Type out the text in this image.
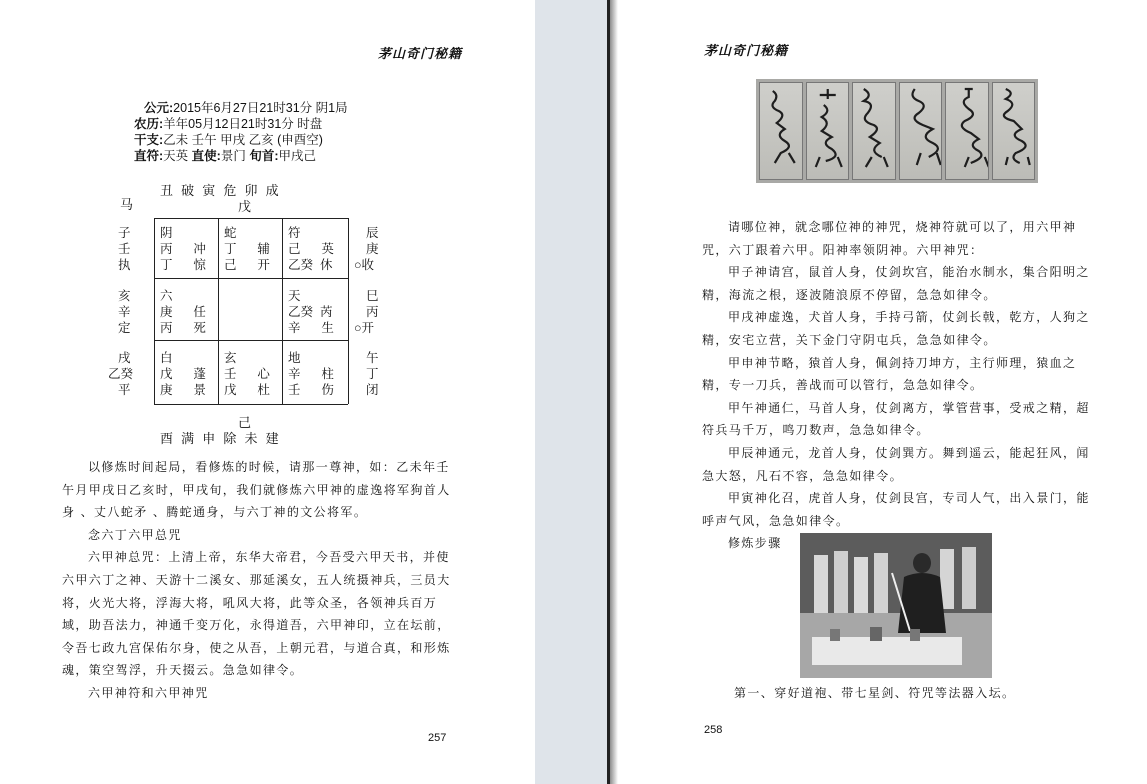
茅山奇门秘籍
公元:2015年6月27日21时31分 阴1局
农历:羊年05月12日21时31分 时盘
干支:乙未 壬午 甲戌 乙亥 (申酉空)
直符:天英 直使:景门 旬首:甲戌己
丑 破 寅 危 卯 成
马	戊
子
壬
执
亥
辛
定
戌
乙癸
平
辰
庚
○收
巳
丙
○开
午
丁
闭
阴
丙      冲
丁      惊
蛇
丁      辅
己      开
符
己      英
乙癸  休
六
庚      任
丙      死
天
乙癸  芮
辛      生
白
戊      蓬
庚      景
玄
壬      心
戊      杜
地
辛      柱
壬      伤
己
酉 满 申 除 未 建

以修炼时间起局，看修炼的时候，请那一尊神，如：乙未年壬午月甲戌日乙亥时，甲戌旬，我们就修炼六甲神的虚逸将军狗首人身 、丈八蛇矛 、腾蛇通身，与六丁神的文公将军。

念六丁六甲总咒

六甲神总咒：上清上帝，东华大帝君，今吾受六甲天书，并使六甲六丁之神、天游十二溪女、那延溪女，五人统摄神兵，三员大将，火光大将，浮海大将，吼风大将，此等众圣，各领神兵百万域，助吾法力，神通千变万化，永得道吾，六甲神印，立在坛前，令吾七政九宫保佑尔身，使之从吾，上朝元君，与道合真，和形炼魂，策空驾浮，升天掇云。急急如律令。

六甲神符和六甲神咒

257
茅山奇门秘籍

请哪位神，就念哪位神的神咒，烧神符就可以了，用六甲神咒，六丁跟着六甲。阳神率领阴神。六甲神咒：

甲子神请宫，鼠首人身，仗剑坎宫，能治水制水，集合阳明之精，海流之根，逐波随浪原不停留，急急如律令。

甲戌神虚逸，犬首人身，手持弓箭，仗剑长戟，乾方，人狗之精，安宅立营，关下金门守阴屯兵，急急如律令。

甲申神节略，猿首人身，佩剑持刀坤方，主行师理，猿血之精，专一刀兵，善战而可以管行，急急如律令。

甲午神通仁，马首人身，仗剑离方，掌管营事，受戒之精，超符兵马千万，鸣刀数声，急急如律令。

甲辰神通元，龙首人身，仗剑巽方。舞到遥云，能起狂风，闻急大怒，凡石不容，急急如律令。

甲寅神化召，虎首人身，仗剑艮宫，专司人气，出入景门，能呼声气风，急急如律令。

修炼步骤

第一、穿好道袍、带七星剑、符咒等法器入坛。
258
